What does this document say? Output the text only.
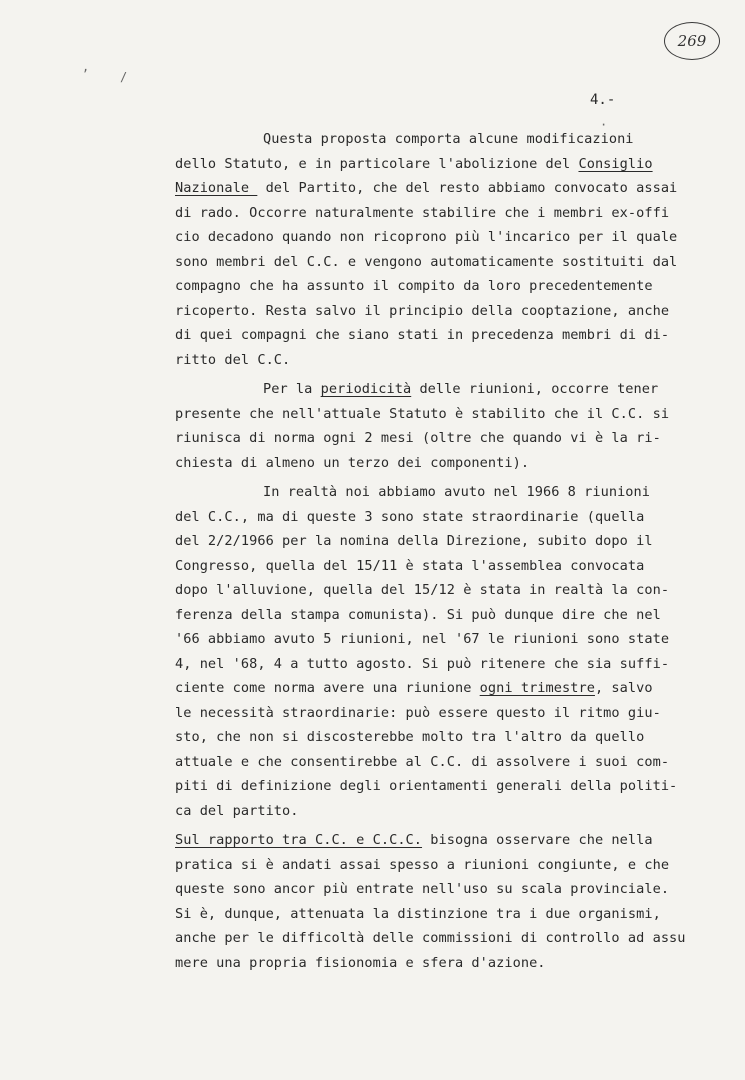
269
4.-
,
/
·
Questa proposta comporta alcune modificazioni
dello Statuto, e in particolare l'abolizione del Consiglio
Nazionale  del Partito, che del resto abbiamo convocato assai
di rado. Occorre naturalmente stabilire che i membri ex-offi
cio decadono quando non ricoprono più l'incarico per il quale
sono membri del C.C. e vengono automaticamente sostituiti dal
compagno che ha assunto il compito da loro precedentemente
ricoperto. Resta salvo il principio della cooptazione, anche
di quei compagni che siano stati in precedenza membri di di-
ritto del C.C.
Per la periodicità delle riunioni, occorre tener
presente che nell'attuale Statuto è stabilito che il C.C. si
riunisca di norma ogni 2 mesi (oltre che quando vi è la ri-
chiesta di almeno un terzo dei componenti).
In realtà noi abbiamo avuto nel 1966 8 riunioni
del C.C., ma di queste 3 sono state straordinarie (quella
del 2/2/1966 per la nomina della Direzione, subito dopo il
Congresso, quella del 15/11 è stata l'assemblea convocata
dopo l'alluvione, quella del 15/12 è stata in realtà la con-
ferenza della stampa comunista). Si può dunque dire che nel
'66 abbiamo avuto 5 riunioni, nel '67 le riunioni sono state
4, nel '68, 4 a tutto agosto. Si può ritenere che sia suffi-
ciente come norma avere una riunione ogni trimestre, salvo
le necessità straordinarie: può essere questo il ritmo giu-
sto, che non si discosterebbe molto tra l'altro da quello
attuale e che consentirebbe al C.C. di assolvere i suoi com-
piti di definizione degli orientamenti generali della politi-
ca del partito.
Sul rapporto tra C.C. e C.C.C. bisogna osservare che nella
pratica si è andati assai spesso a riunioni congiunte, e che
queste sono ancor più entrate nell'uso su scala provinciale.
Si è, dunque, attenuata la distinzione tra i due organismi,
anche per le difficoltà delle commissioni di controllo ad assu
mere una propria fisionomia e sfera d'azione.
